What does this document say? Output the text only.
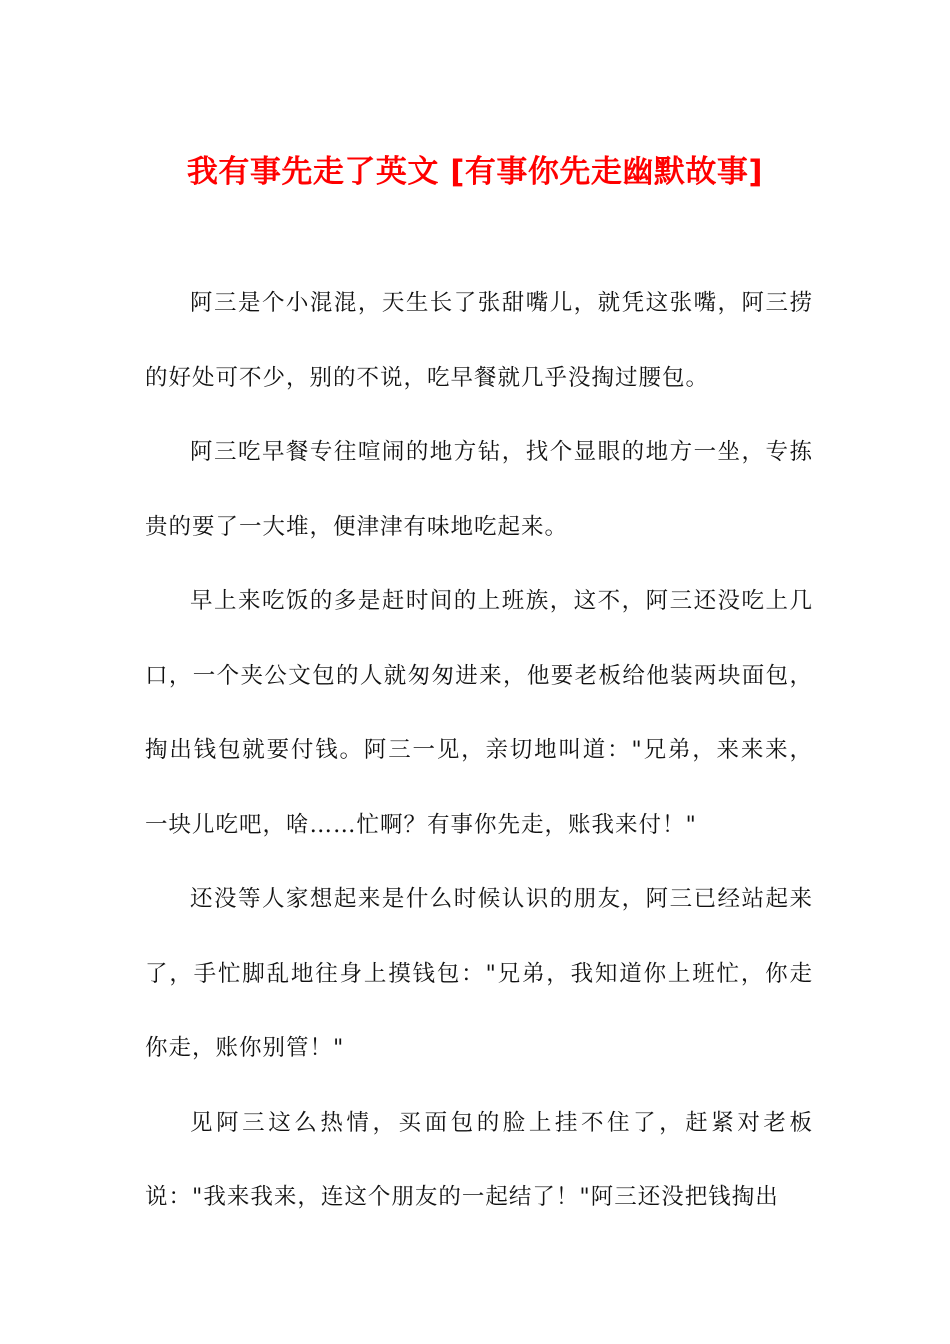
我有事先走了英文 [有事你先走幽默故事]

阿三是个小混混，天生长了张甜嘴儿，就凭这张嘴，阿三捞的好处可不少，别的不说，吃早餐就几乎没掏过腰包。

阿三吃早餐专往喧闹的地方钻，找个显眼的地方一坐，专拣贵的要了一大堆，便津津有味地吃起来。

早上来吃饭的多是赶时间的上班族，这不，阿三还没吃上几口，一个夹公文包的人就匆匆进来，他要老板给他装两块面包，掏出钱包就要付钱。阿三一见，亲切地叫道："兄弟，来来来，一块儿吃吧，啥……忙啊？有事你先走，账我来付！"

还没等人家想起来是什么时候认识的朋友，阿三已经站起来了，手忙脚乱地往身上摸钱包："兄弟，我知道你上班忙，你走你走，账你别管！"

见阿三这么热情，买面包的脸上挂不住了，赶紧对老板说："我来我来，连这个朋友的一起结了！"阿三还没把钱掏出
